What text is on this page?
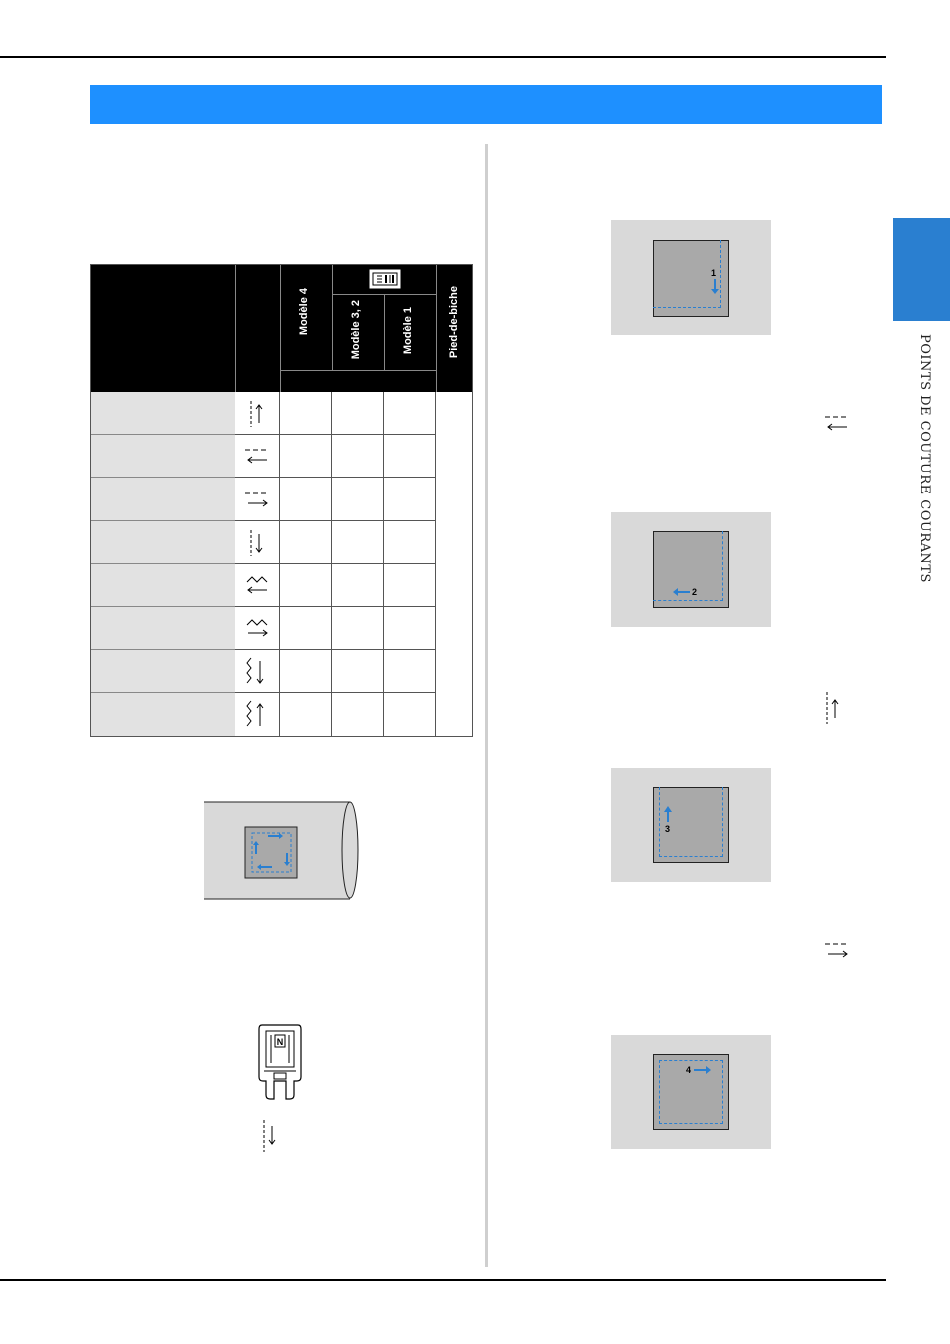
POINTS DE COUTURE COURANTS
Modèle 4	Modèle 3, 2	Modèle 1	Pied-de-biche
N
1
2
3
4
